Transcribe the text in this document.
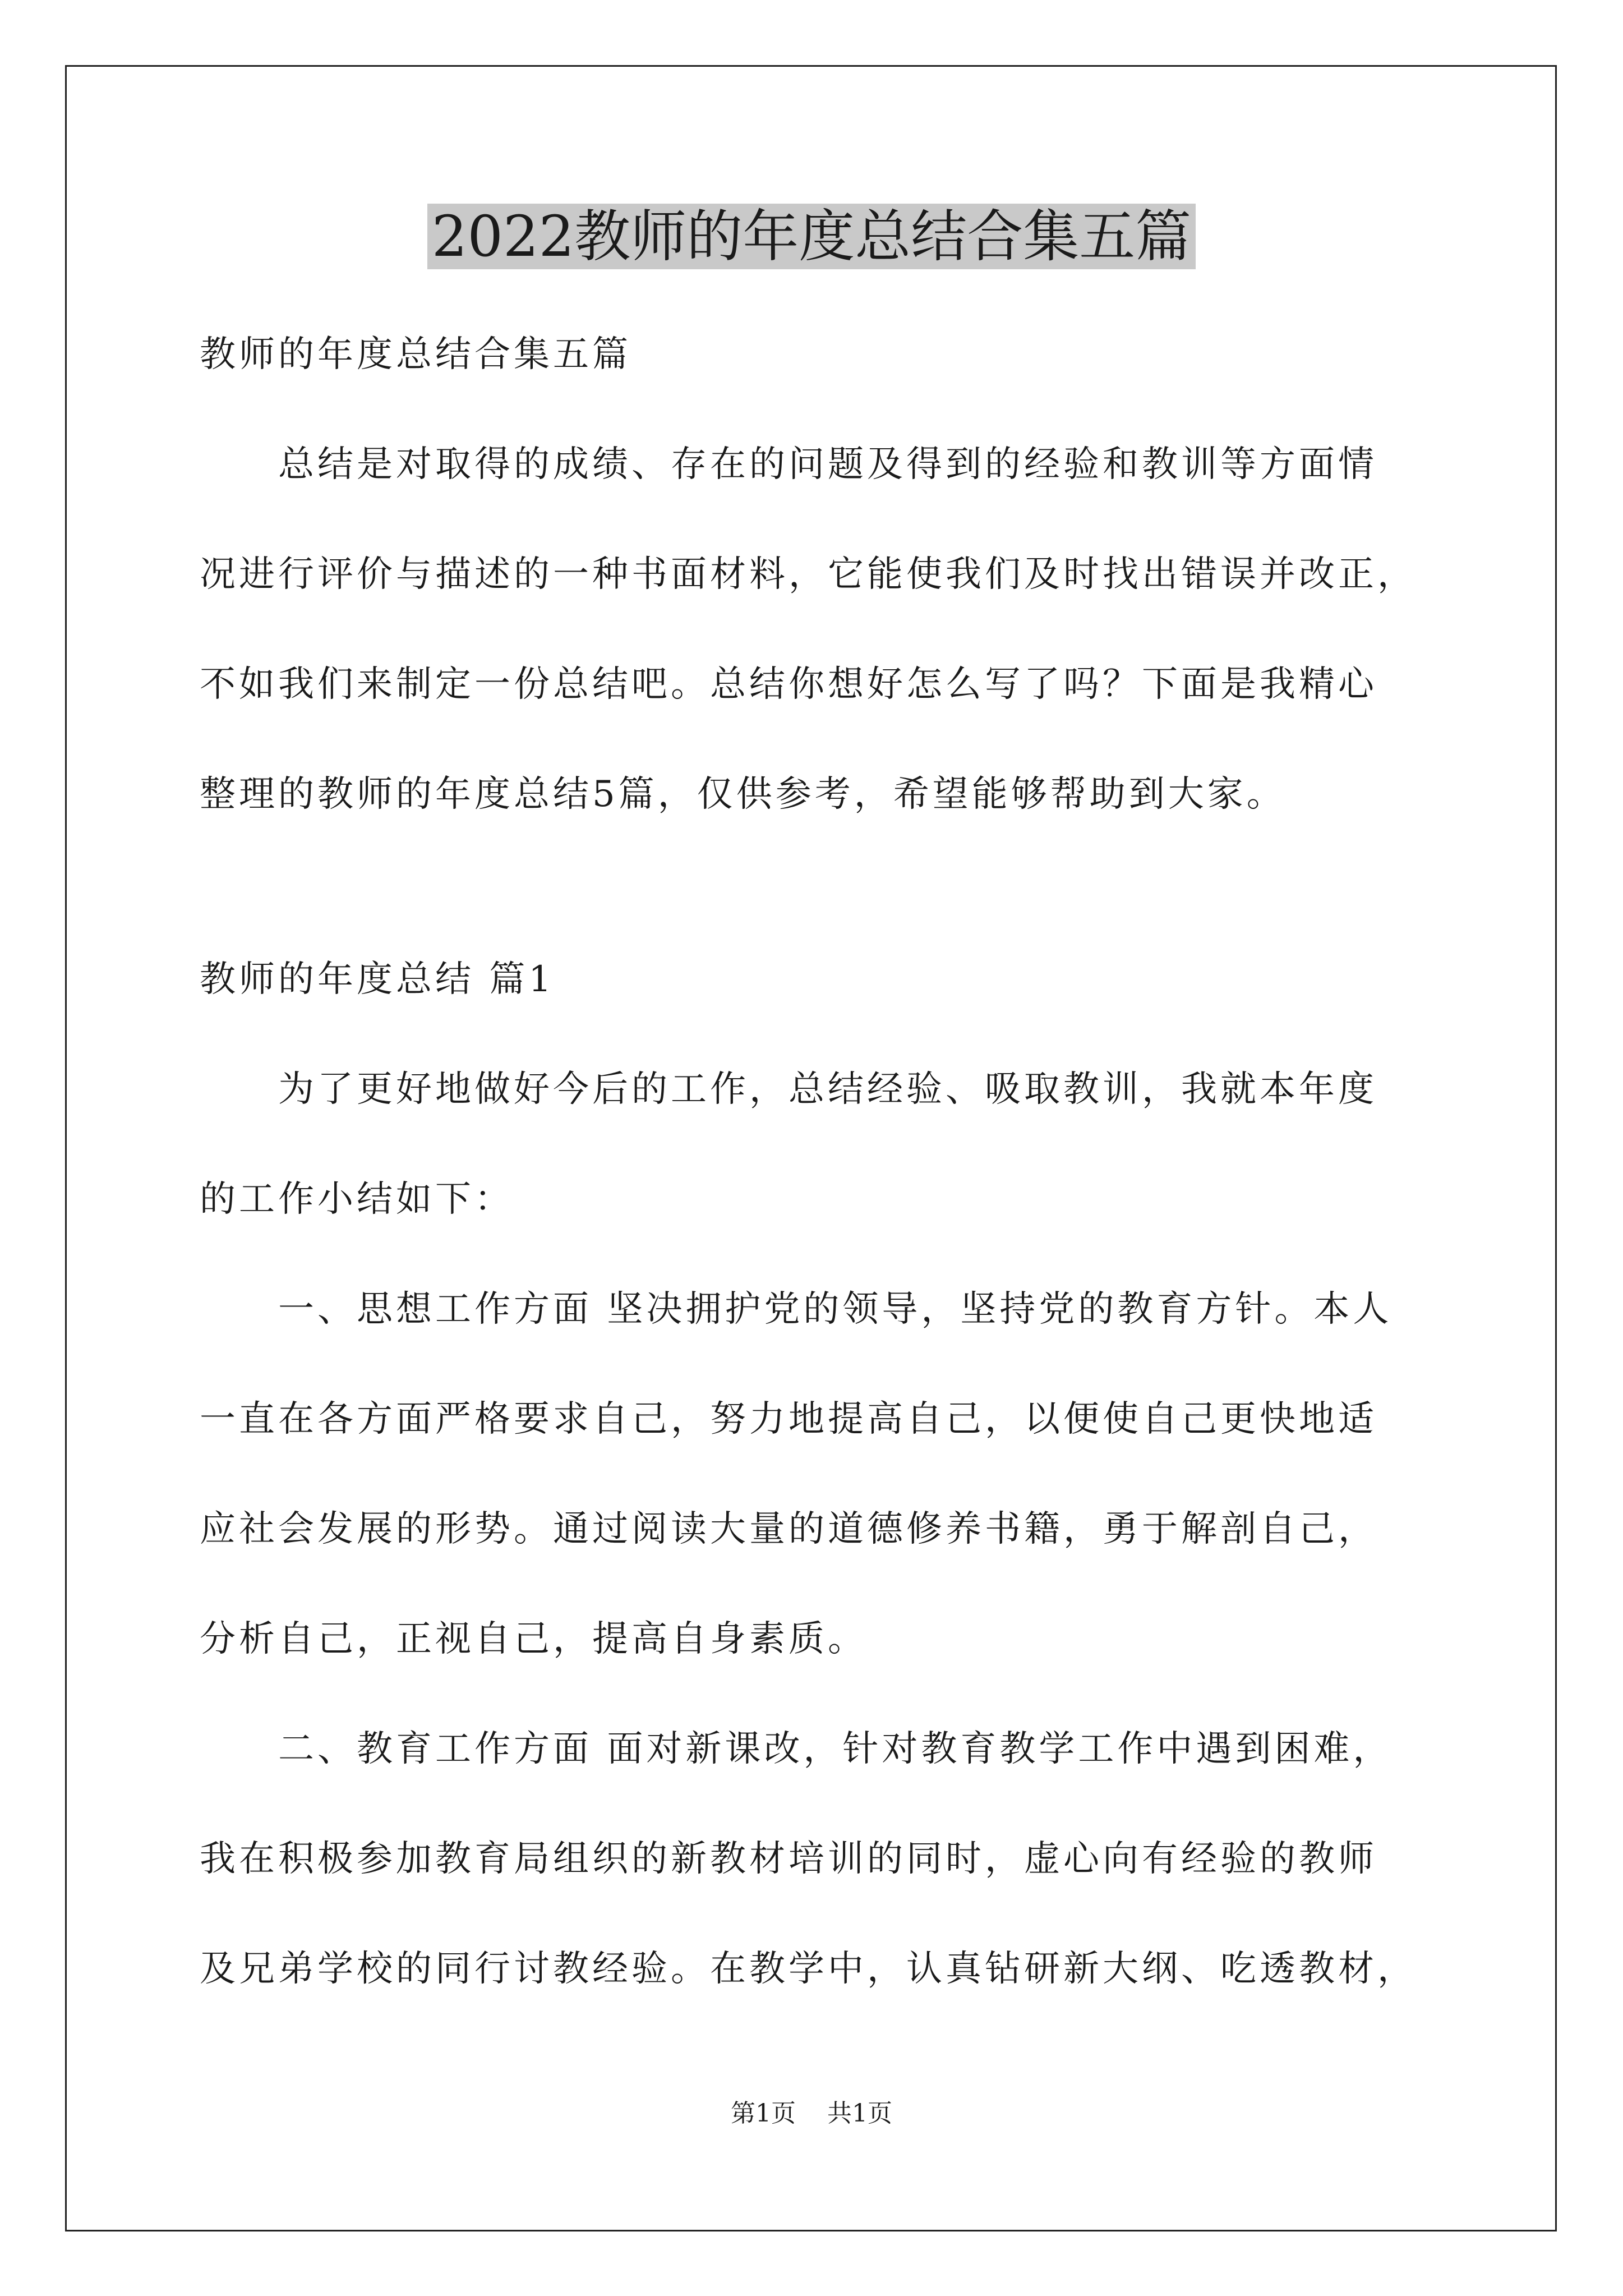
2022教师的年度总结合集五篇
教师的年度总结合集五篇
总结是对取得的成绩、存在的问题及得到的经验和教训等方面情
况进行评价与描述的一种书面材料，它能使我们及时找出错误并改正，
不如我们来制定一份总结吧。总结你想好怎么写了吗？下面是我精心
整理的教师的年度总结5篇，仅供参考，希望能够帮助到大家。
教师的年度总结 篇1
为了更好地做好今后的工作，总结经验、吸取教训，我就本年度
的工作小结如下：
一、思想工作方面 坚决拥护党的领导，坚持党的教育方针。本人
一直在各方面严格要求自己，努力地提高自己，以便使自己更快地适
应社会发展的形势。通过阅读大量的道德修养书籍，勇于解剖自己，
分析自己，正视自己，提高自身素质。
二、教育工作方面 面对新课改，针对教育教学工作中遇到困难，
我在积极参加教育局组织的新教材培训的同时，虚心向有经验的教师
及兄弟学校的同行讨教经验。在教学中，认真钻研新大纲、吃透教材，
第1页 共1页
